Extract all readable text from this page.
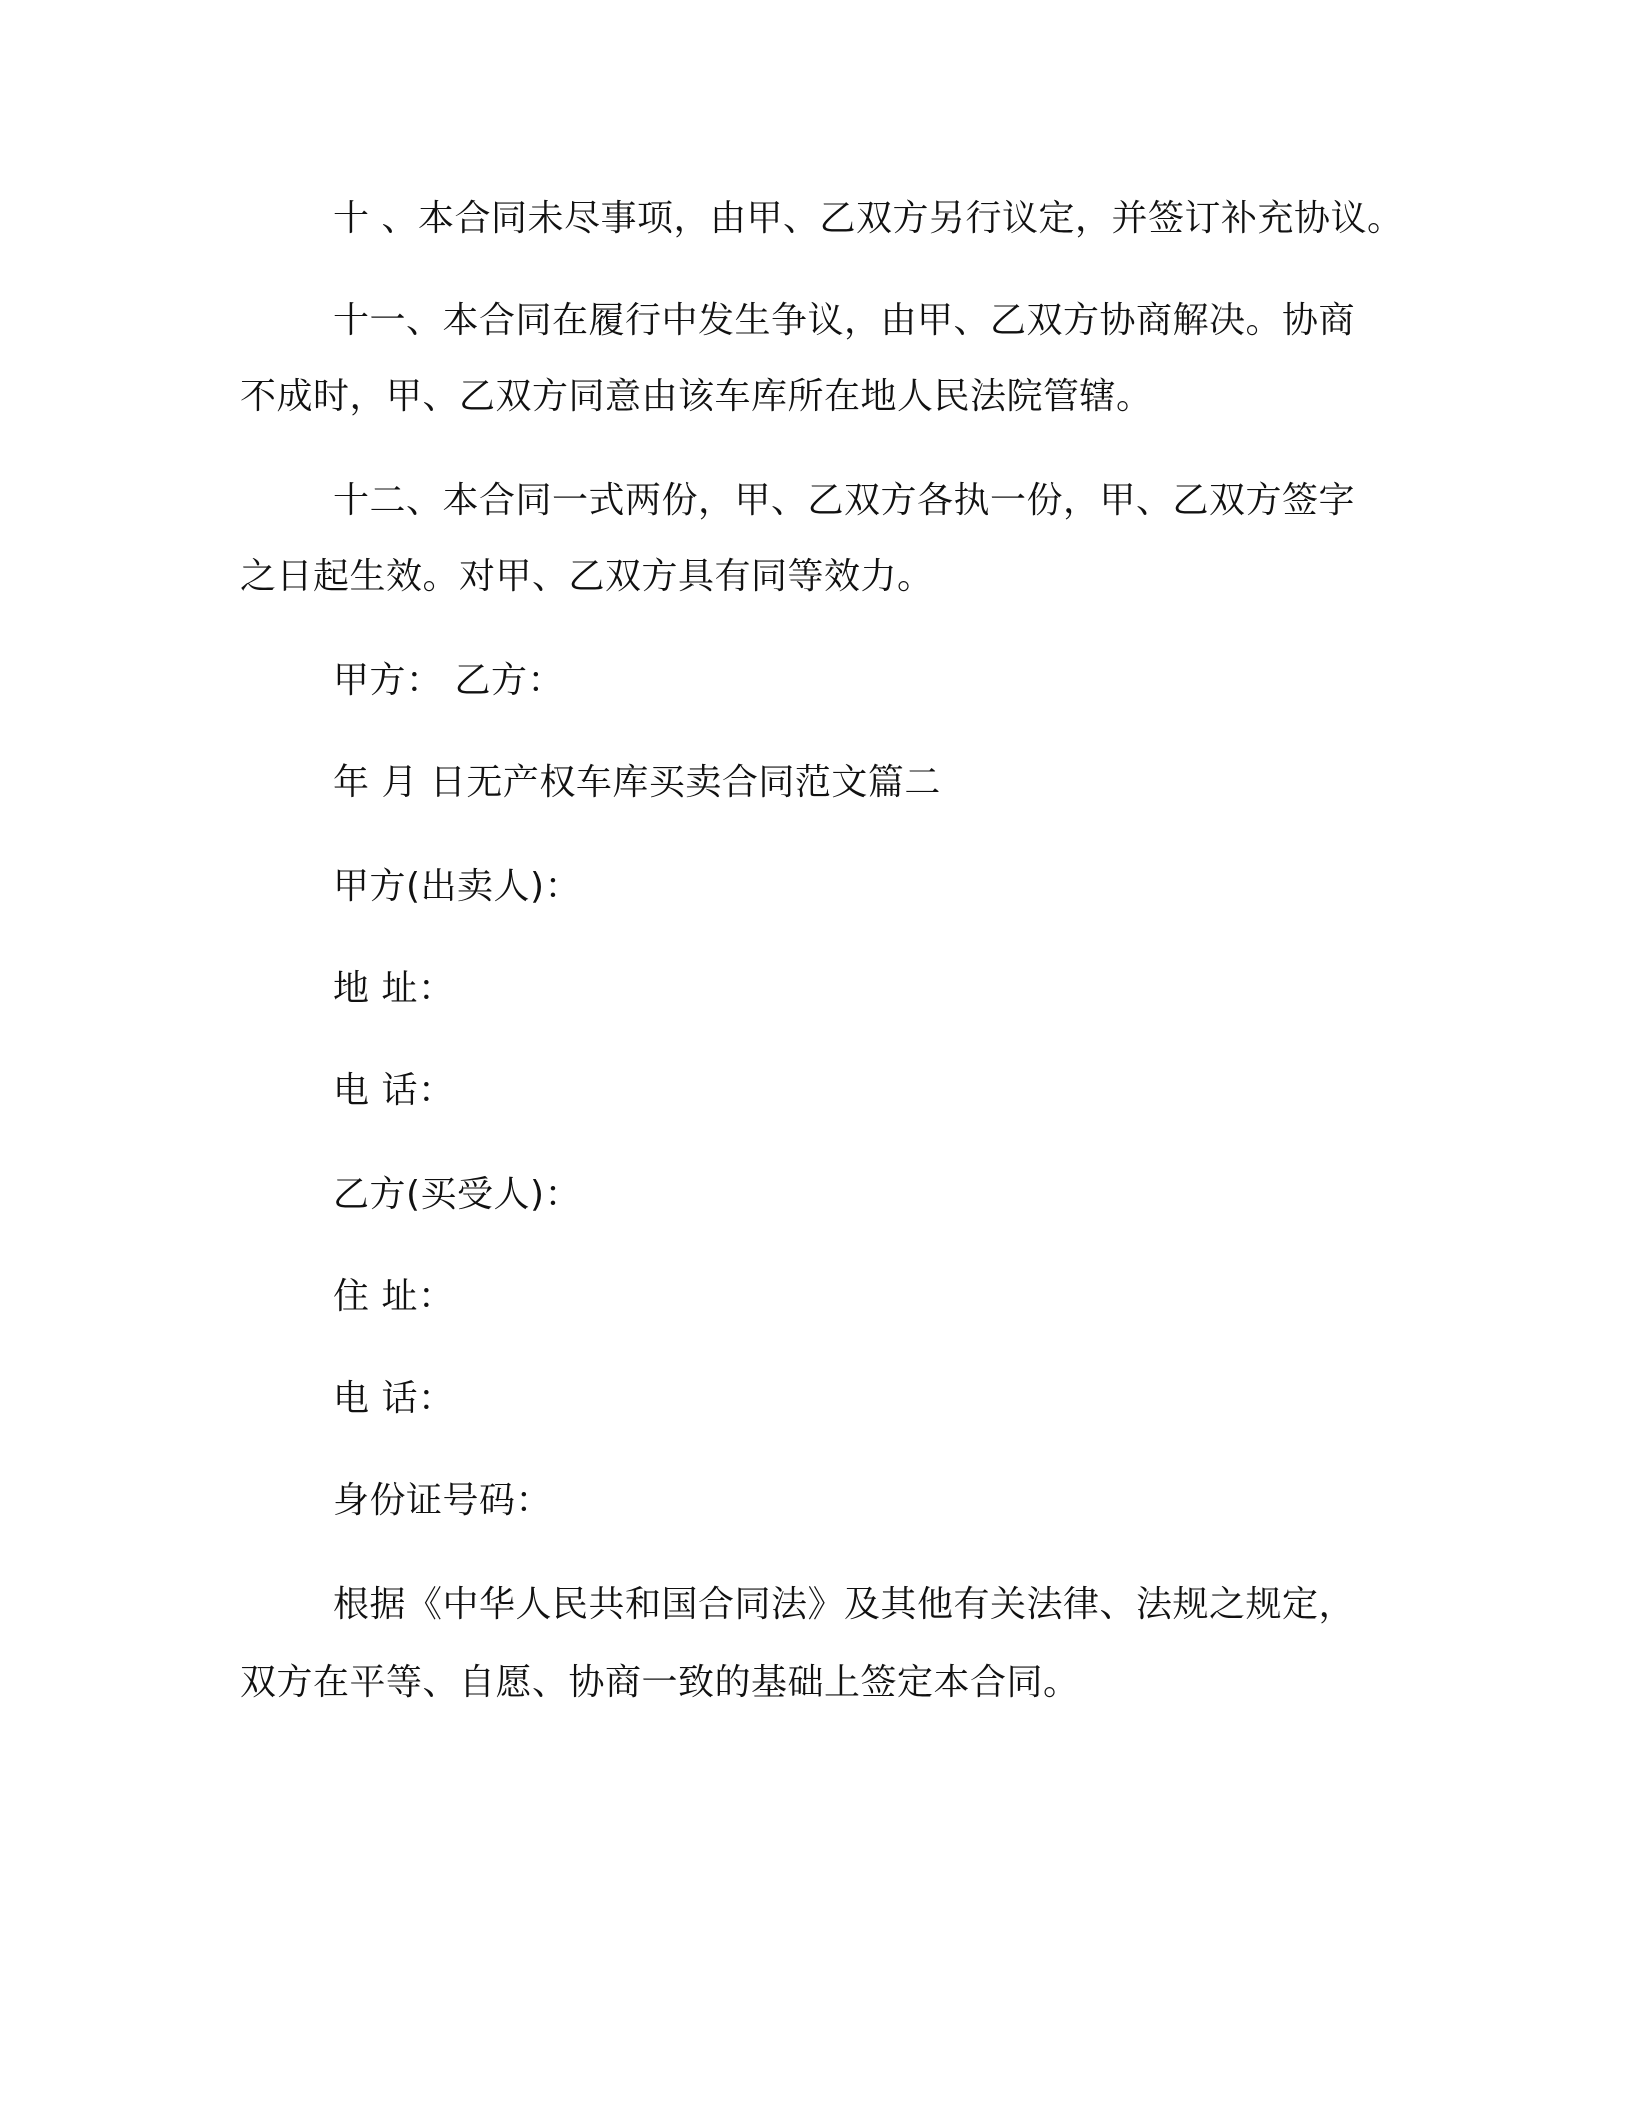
十 、本合同未尽事项，由甲、乙双方另行议定，并签订补充协议。
十一、本合同在履行中发生争议，由甲、乙双方协商解决。协商
不成时，甲、乙双方同意由该车库所在地人民法院管辖。
十二、本合同一式两份，甲、乙双方各执一份，甲、乙双方签字
之日起生效。对甲、乙双方具有同等效力。
甲方： 乙方：
年 月 日无产权车库买卖合同范文篇二
甲方(出卖人)：
地 址：
电 话：
乙方(买受人)：
住 址：
电 话：
身份证号码：
根据《中华人民共和国合同法》及其他有关法律、法规之规定，
双方在平等、自愿、协商一致的基础上签定本合同。
